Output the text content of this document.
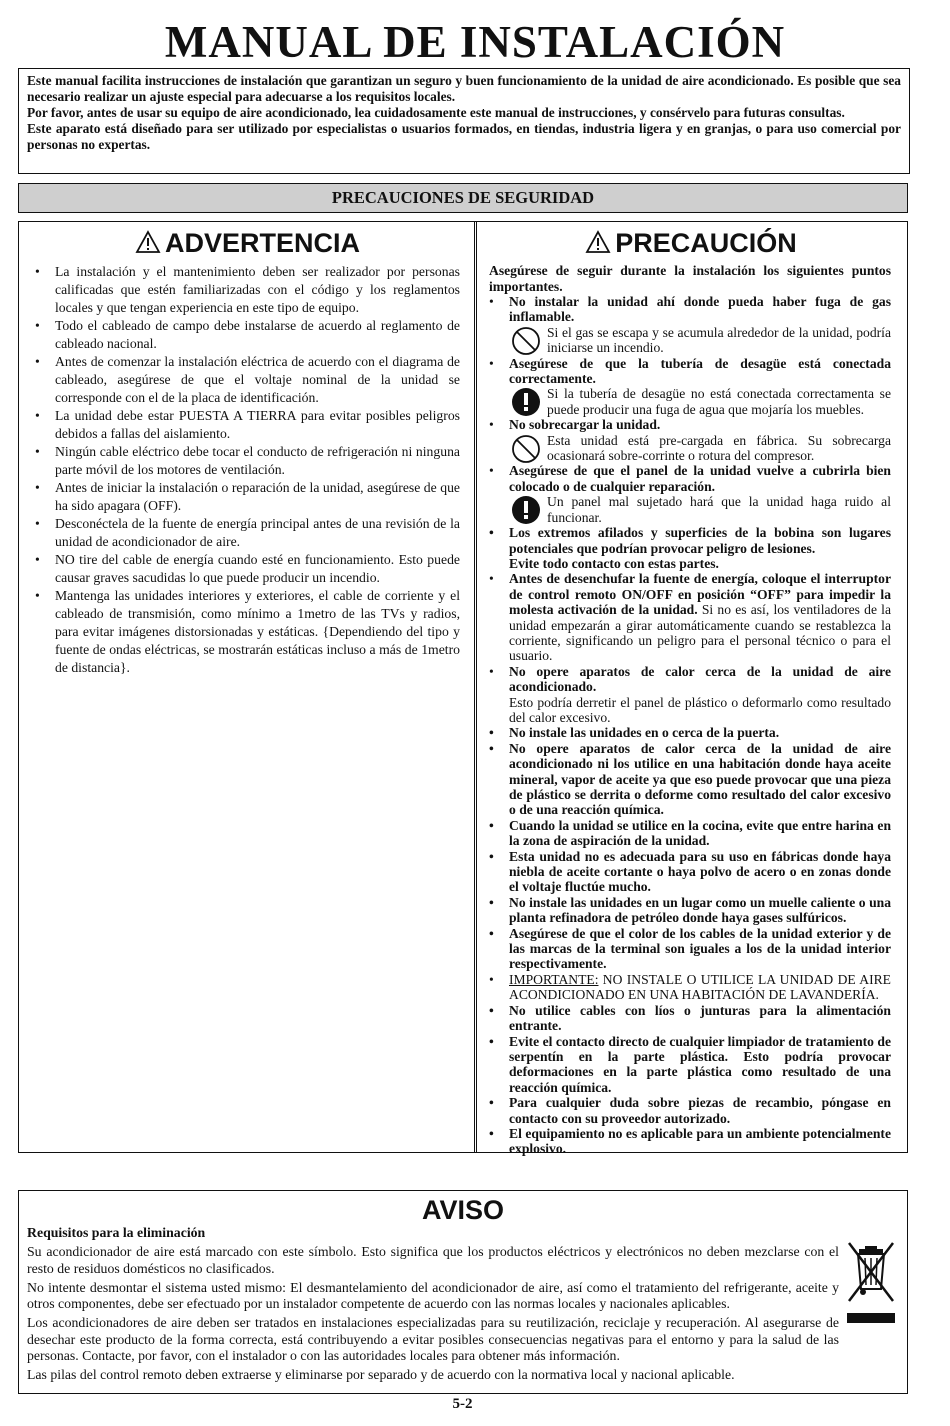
MANUAL DE INSTALACIÓN

Este manual facilita instrucciones de instalación que garantizan un seguro y buen funcionamiento de la unidad de aire acondicionado. Es posible que sea necesario realizar un ajuste especial para adecuarse a los requisitos locales.

Por favor, antes de usar su equipo de aire acondicionado, lea cuidadosamente este manual de instrucciones, y consérvelo para futuras consultas.

Este aparato está diseñado para ser utilizado por especialistas o usuarios formados, en tiendas, industria ligera y en granjas, o para uso comercial por personas no expertas.

PRECAUCIONES DE SEGURIDAD
ADVERTENCIA
• La instalación y el mantenimiento deben ser realizador por personas calificadas que estén familiarizadas con el código y los reglamentos locales y que tengan experiencia en este tipo de equipo.
• Todo el cableado de campo debe instalarse de acuerdo al reglamento de cableado nacional.
• Antes de comenzar la instalación eléctrica de acuerdo con el diagrama de cableado, asegúrese de que el voltaje nominal de la unidad se corresponde con el de la placa de identificación.
• La unidad debe estar PUESTA A TIERRA para evitar posibles peligros debidos a fallas del aislamiento.
• Ningún cable eléctrico debe tocar el conducto de refrigeración ni ninguna parte móvil de los motores de ventilación.
• Antes de iniciar la instalación o reparación de la unidad, asegúrese de que ha sido apagara (OFF).
• Desconéctela de la fuente de energía principal antes de una revisión de la unidad de acondicionador de aire.
• NO tire del cable de energía cuando esté en funcionamiento. Esto puede causar graves sacudidas lo que puede producir un incendio.
• Mantenga las unidades interiores y exteriores, el cable de corriente y el cableado de transmisión, como mínimo a 1metro de las TVs y radios, para evitar imágenes distorsionadas y estáticas. {Dependiendo del tipo y fuente de ondas eléctricas, se mostrarán estáticas incluso a más de 1metro de distancia}.
PRECAUCIÓN
Asegúrese de seguir durante la instalación los siguientes puntos importantes.
• No instalar la unidad ahí donde pueda haber fuga de gas inflamable.
Si el gas se escapa y se acumula alrededor de la unidad, podría iniciarse un incendio.
• Asegúrese de que la tubería de desagüe está conectada correctamente.
Si la tubería de desagüe no está conectada correctamenta se puede producir una fuga de agua que mojaría los muebles.
• No sobrecargar la unidad.
Esta unidad está pre-cargada en fábrica. Su sobrecarga ocasionará sobre-corrinte o rotura del compresor.
• Asegúrese de que el panel de la unidad vuelve a cubrirla bien colocado o de cualquier reparación.
Un panel mal sujetado hará que la unidad haga ruido al funcionar.
• Los extremos afilados y superficies de la bobina son lugares potenciales que podrían provocar peligro de lesiones.
Evite todo contacto con estas partes.
• Antes de desenchufar la fuente de energía, coloque el interruptor de control remoto ON/OFF en posición “OFF” para impedir la molesta activación de la unidad. Si no es así, los ventiladores de la unidad empezarán a girar automáticamente cuando se restablezca la corriente, significando un peligro para el personal técnico o para el usuario.
• No opere aparatos de calor cerca de la unidad de aire acondicionado.
Esto podría derretir el panel de plástico o deformarlo como resultado del calor excesivo.
• No instale las unidades en o cerca de la puerta.
• No opere aparatos de calor cerca de la unidad de aire acondicionado ni los utilice en una habitación donde haya aceite mineral, vapor de aceite ya que eso puede provocar que una pieza de plástico se derrita o deforme como resultado del calor excesivo o de una reacción química.
• Cuando la unidad se utilice en la cocina, evite que entre harina en la zona de aspiración de la unidad.
• Esta unidad no es adecuada para su uso en fábricas donde haya niebla de aceite cortante o haya polvo de acero o en zonas donde el voltaje fluctúe mucho.
• No instale las unidades en un lugar como un muelle caliente o una planta refinadora de petróleo donde haya gases sulfúricos.
• Asegúrese de que el color de los cables de la unidad exterior y de las marcas de la terminal son iguales a los de la unidad interior respectivamente.
• IMPORTANTE: NO INSTALE O UTILICE LA UNIDAD DE AIRE ACONDICIONADO EN UNA HABITACIÓN DE LAVANDERÍA.
• No utilice cables con líos o junturas para la alimentación entrante.
• Evite el contacto directo de cualquier limpiador de tratamiento de serpentín en la parte plástica. Esto podría provocar deformaciones en la parte plástica como resultado de una reacción química.
• Para cualquier duda sobre piezas de recambio, póngase en contacto con su proveedor autorizado.
• El equipamiento no es aplicable para un ambiente potencialmente explosivo.
AVISO

Requisitos para la eliminación

Su acondicionador de aire está marcado con este símbolo. Esto significa que los productos eléctricos y electrónicos no deben mezclarse con el resto de residuos domésticos no clasificados.

No intente desmontar el sistema usted mismo: El desmantelamiento del acondicionador de aire, así como el tratamiento del refrigerante, aceite y otros componentes, debe ser efectuado por un instalador competente de acuerdo con las normas locales y nacionales aplicables.

Los acondicionadores de aire deben ser tratados en instalaciones especializadas para su reutilización, reciclaje y recuperación. Al asegurarse de desechar este producto de la forma correcta, está contribuyendo a evitar posibles consecuencias negativas para el entorno y para la salud de las personas. Contacte, por favor, con el instalador o con las autoridades locales para obtener más información.

Las pilas del control remoto deben extraerse y eliminarse por separado y de acuerdo con la normativa local y nacional aplicable.

5-2
